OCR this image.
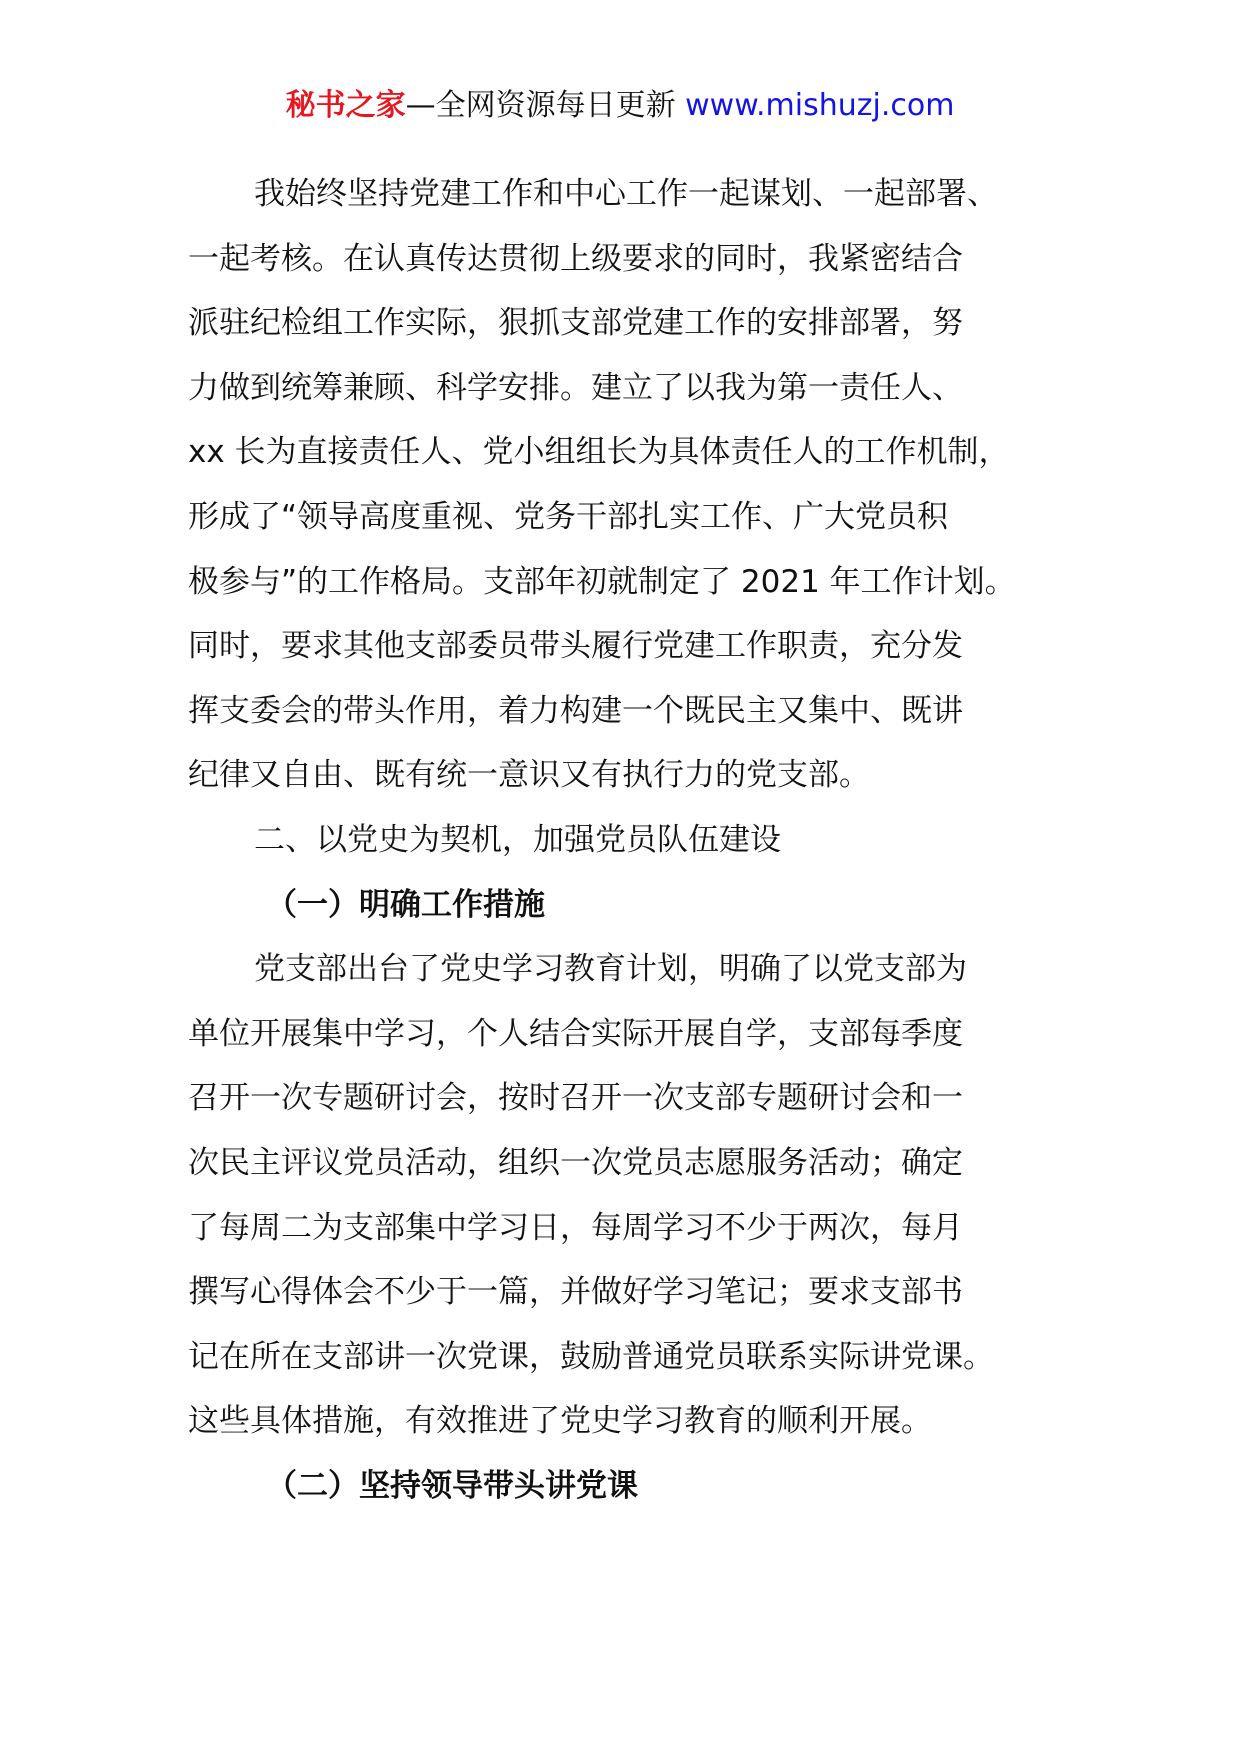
秘书之家—全网资源每日更新 www.mishuzj.com
我始终坚持党建工作和中心工作一起谋划、一起部署、
一起考核。在认真传达贯彻上级要求的同时，我紧密结合
派驻纪检组工作实际，狠抓支部党建工作的安排部署，努
力做到统筹兼顾、科学安排。建立了以我为第一责任人、
xx 长为直接责任人、党小组组长为具体责任人的工作机制，
形成了“领导高度重视、党务干部扎实工作、广大党员积
极参与”的工作格局。支部年初就制定了 2021 年工作计划。
同时，要求其他支部委员带头履行党建工作职责，充分发
挥支委会的带头作用，着力构建一个既民主又集中、既讲
纪律又自由、既有统一意识又有执行力的党支部。
二、以党史为契机，加强党员队伍建设
（一）明确工作措施
党支部出台了党史学习教育计划，明确了以党支部为
单位开展集中学习，个人结合实际开展自学，支部每季度
召开一次专题研讨会，按时召开一次支部专题研讨会和一
次民主评议党员活动，组织一次党员志愿服务活动；确定
了每周二为支部集中学习日，每周学习不少于两次，每月
撰写心得体会不少于一篇，并做好学习笔记；要求支部书
记在所在支部讲一次党课，鼓励普通党员联系实际讲党课。
这些具体措施，有效推进了党史学习教育的顺利开展。
（二）坚持领导带头讲党课
